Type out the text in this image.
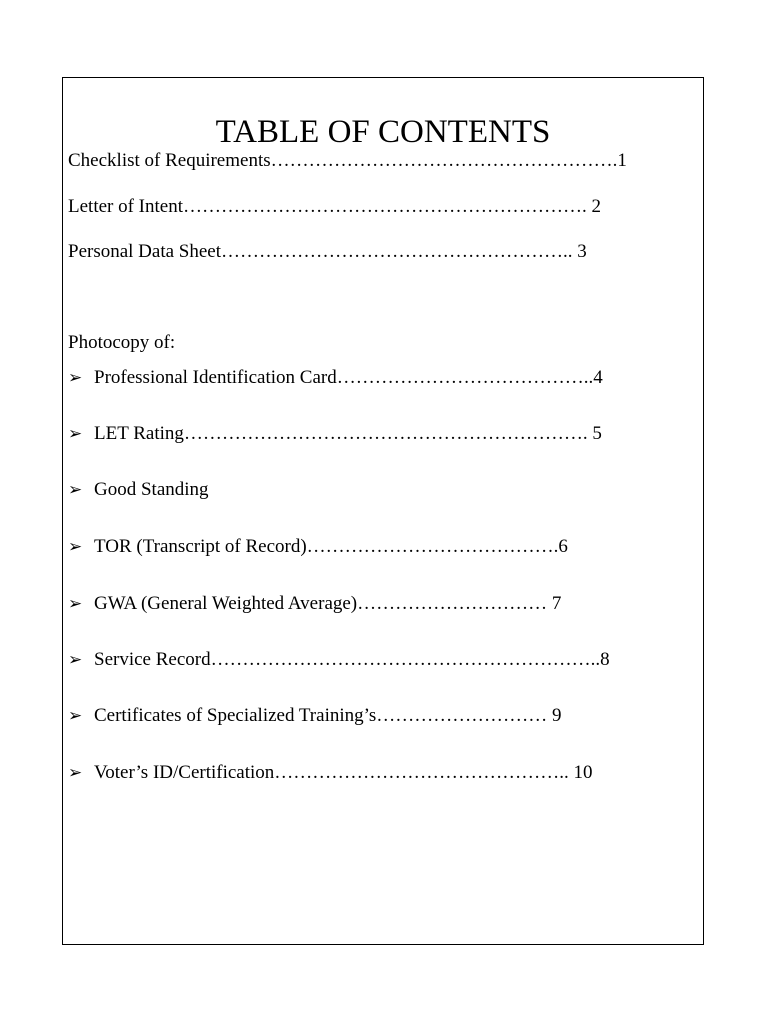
TABLE OF CONTENTS

Checklist of Requirements……………………………………………….1

Letter of Intent………………………………………………………. 2

Personal Data Sheet……………………………………………….. 3

Photocopy of:

➢ Professional Identification Card…………………………………..4
➢ LET Rating………………………………………………………. 5
➢ Good Standing
➢ TOR (Transcript of Record)………………………………….6
➢ GWA (General Weighted Average)………………………… 7
➢ Service Record……………………………………………………..8
➢ Certificates of Specialized Training’s……………………… 9
➢ Voter’s ID/Certification……………………………………….. 10
